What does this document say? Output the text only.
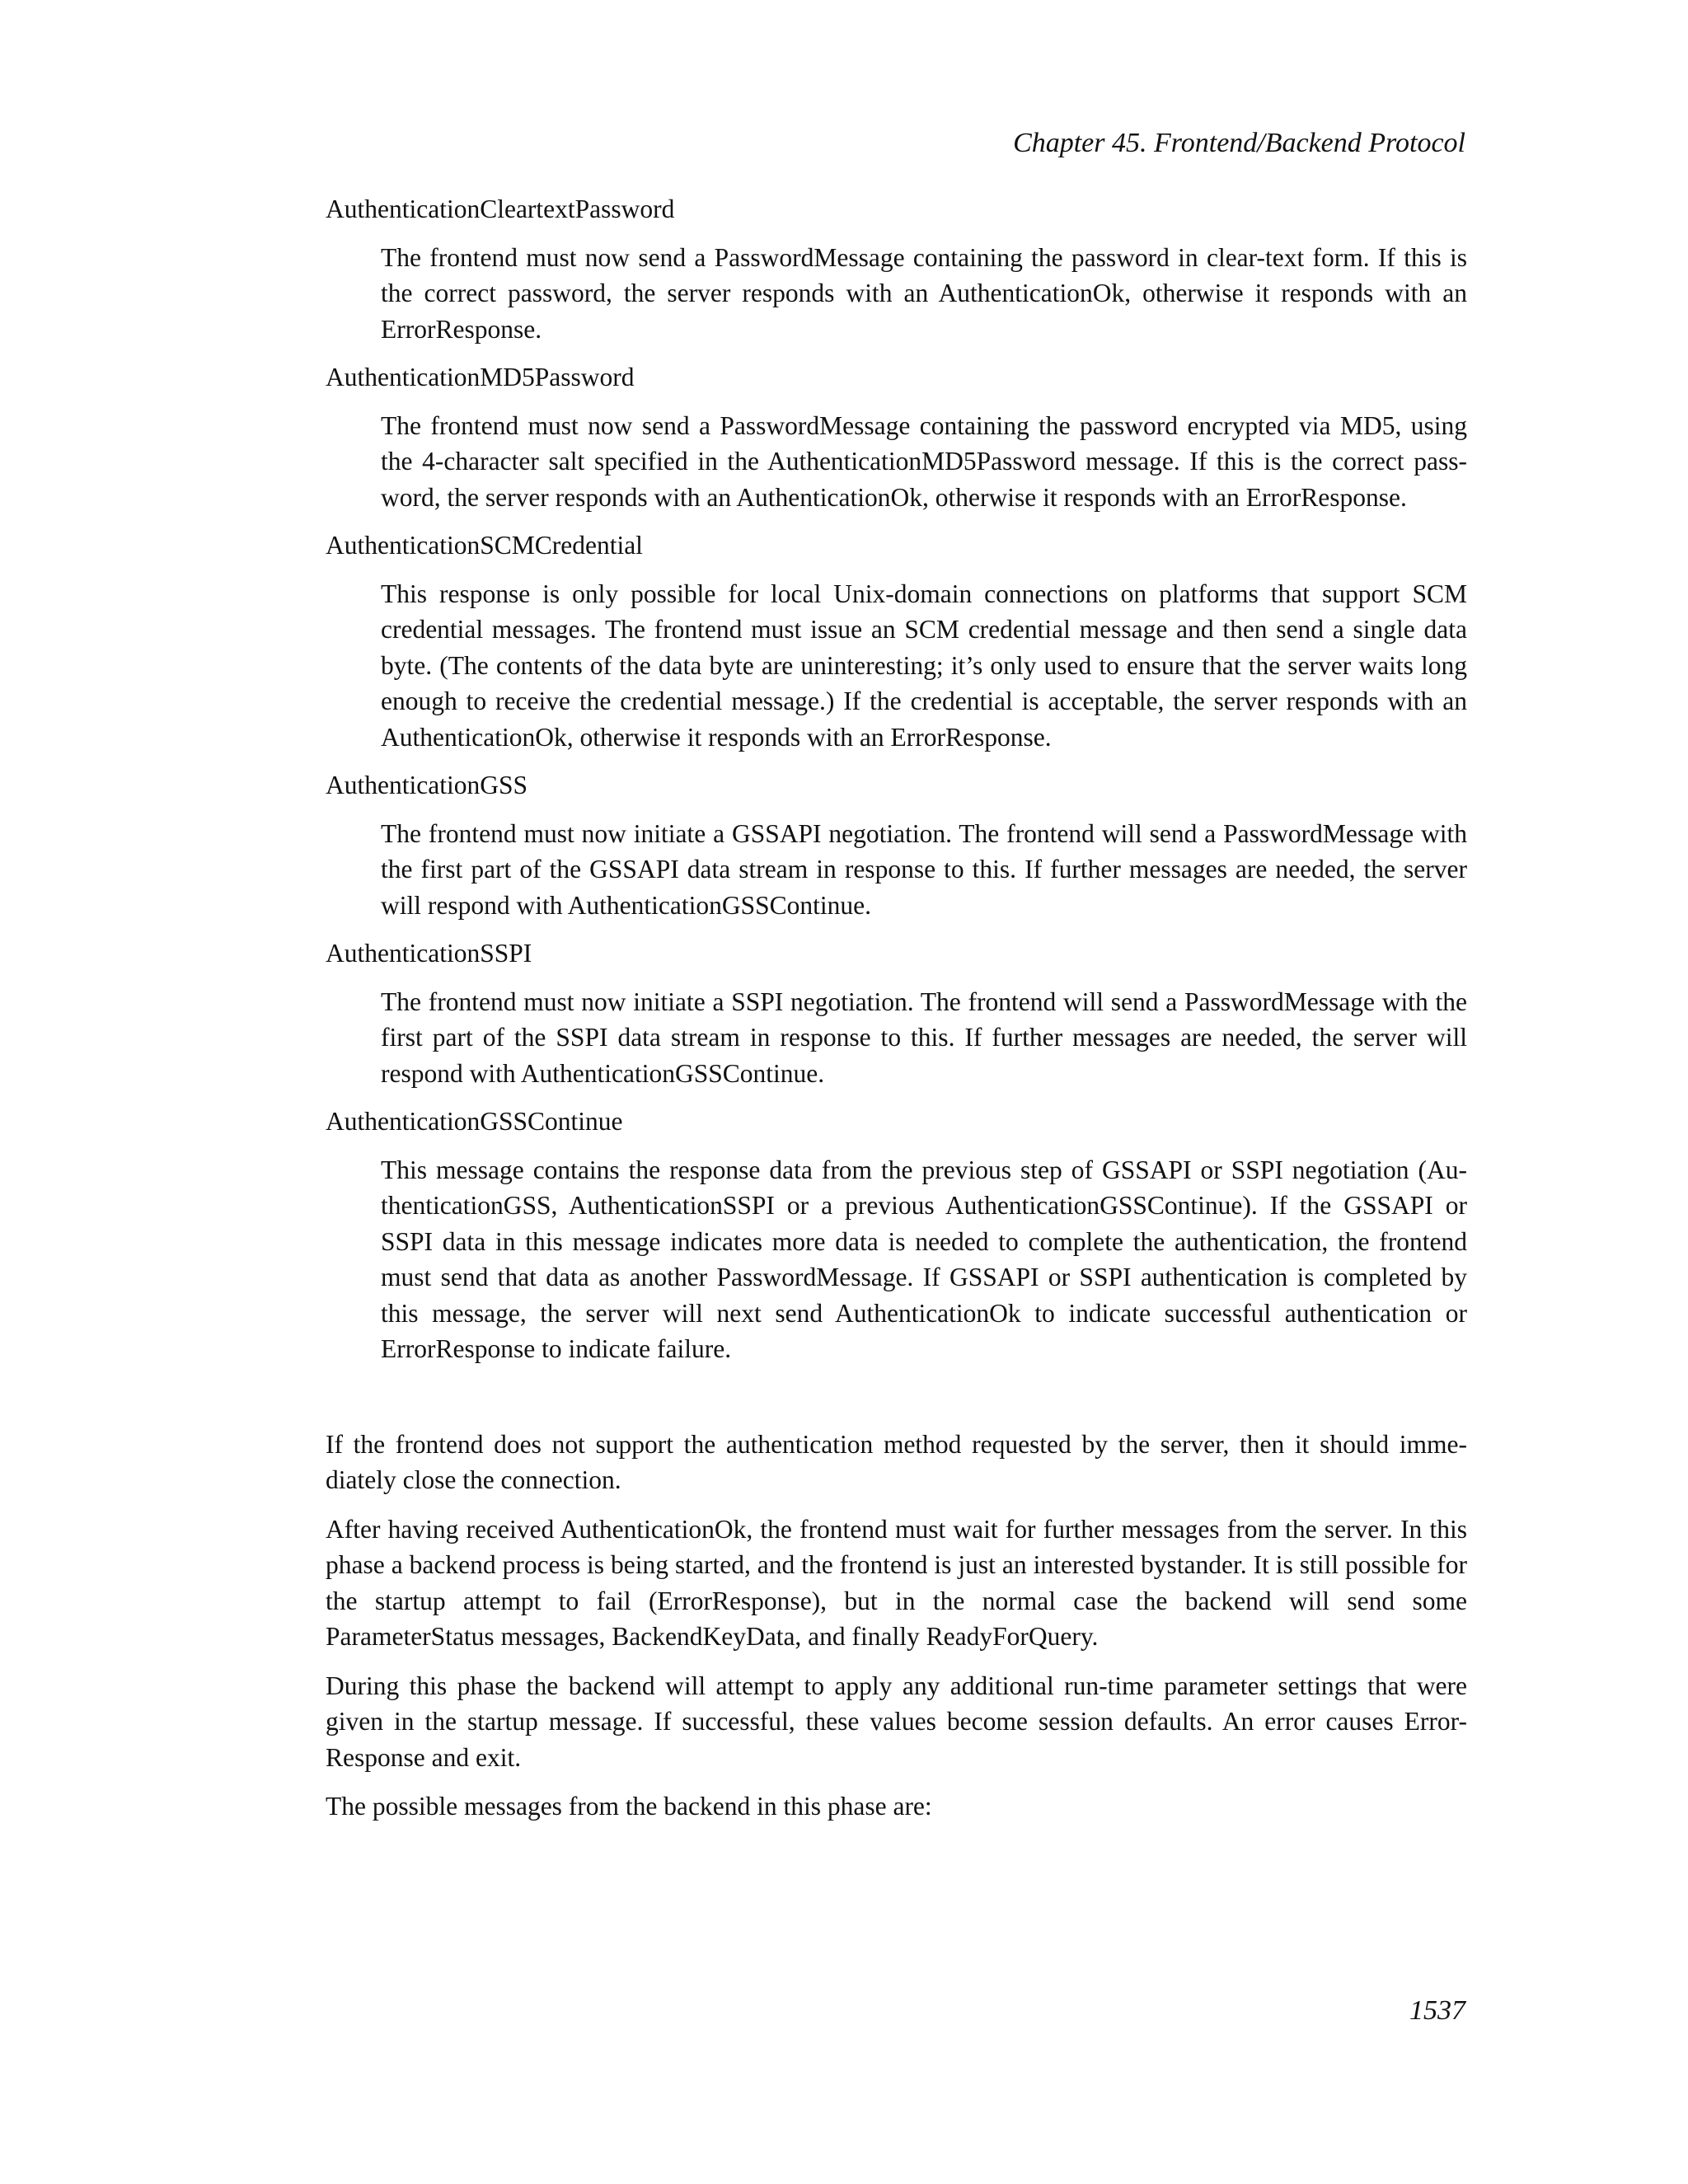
Chapter 45. Frontend/Backend Protocol

AuthenticationCleartextPassword

The frontend must now send a PasswordMessage containing the password in clear-text form. If this is the correct password, the server responds with an AuthenticationOk, otherwise it responds with an ErrorResponse.

AuthenticationMD5Password

The frontend must now send a PasswordMessage containing the password encrypted via MD5, using the 4-character salt specified in the AuthenticationMD5Password message. If this is the correct pass-word, the server responds with an AuthenticationOk, otherwise it responds with an ErrorResponse.

AuthenticationSCMCredential

This response is only possible for local Unix-domain connections on platforms that support SCM credential messages. The frontend must issue an SCM credential message and then send a single data byte. (The contents of the data byte are uninteresting; it’s only used to ensure that the server waits long enough to receive the credential message.) If the credential is acceptable, the server responds with an AuthenticationOk, otherwise it responds with an ErrorResponse.

AuthenticationGSS

The frontend must now initiate a GSSAPI negotiation. The frontend will send a PasswordMessage with the first part of the GSSAPI data stream in response to this. If further messages are needed, the server will respond with AuthenticationGSSContinue.

AuthenticationSSPI

The frontend must now initiate a SSPI negotiation. The frontend will send a PasswordMessage with the first part of the SSPI data stream in response to this. If further messages are needed, the server will respond with AuthenticationGSSContinue.

AuthenticationGSSContinue

This message contains the response data from the previous step of GSSAPI or SSPI negotiation (Au-thenticationGSS, AuthenticationSSPI or a previous AuthenticationGSSContinue). If the GSSAPI or SSPI data in this message indicates more data is needed to complete the authentication, the frontend must send that data as another PasswordMessage. If GSSAPI or SSPI authentication is completed by this message, the server will next send AuthenticationOk to indicate successful authentication or ErrorResponse to indicate failure.

If the frontend does not support the authentication method requested by the server, then it should imme-diately close the connection.

After having received AuthenticationOk, the frontend must wait for further messages from the server. In this phase a backend process is being started, and the frontend is just an interested bystander. It is still possible for the startup attempt to fail (ErrorResponse), but in the normal case the backend will send some ParameterStatus messages, BackendKeyData, and finally ReadyForQuery.

During this phase the backend will attempt to apply any additional run-time parameter settings that were given in the startup message. If successful, these values become session defaults. An error causes Error-Response and exit.

The possible messages from the backend in this phase are:

1537
